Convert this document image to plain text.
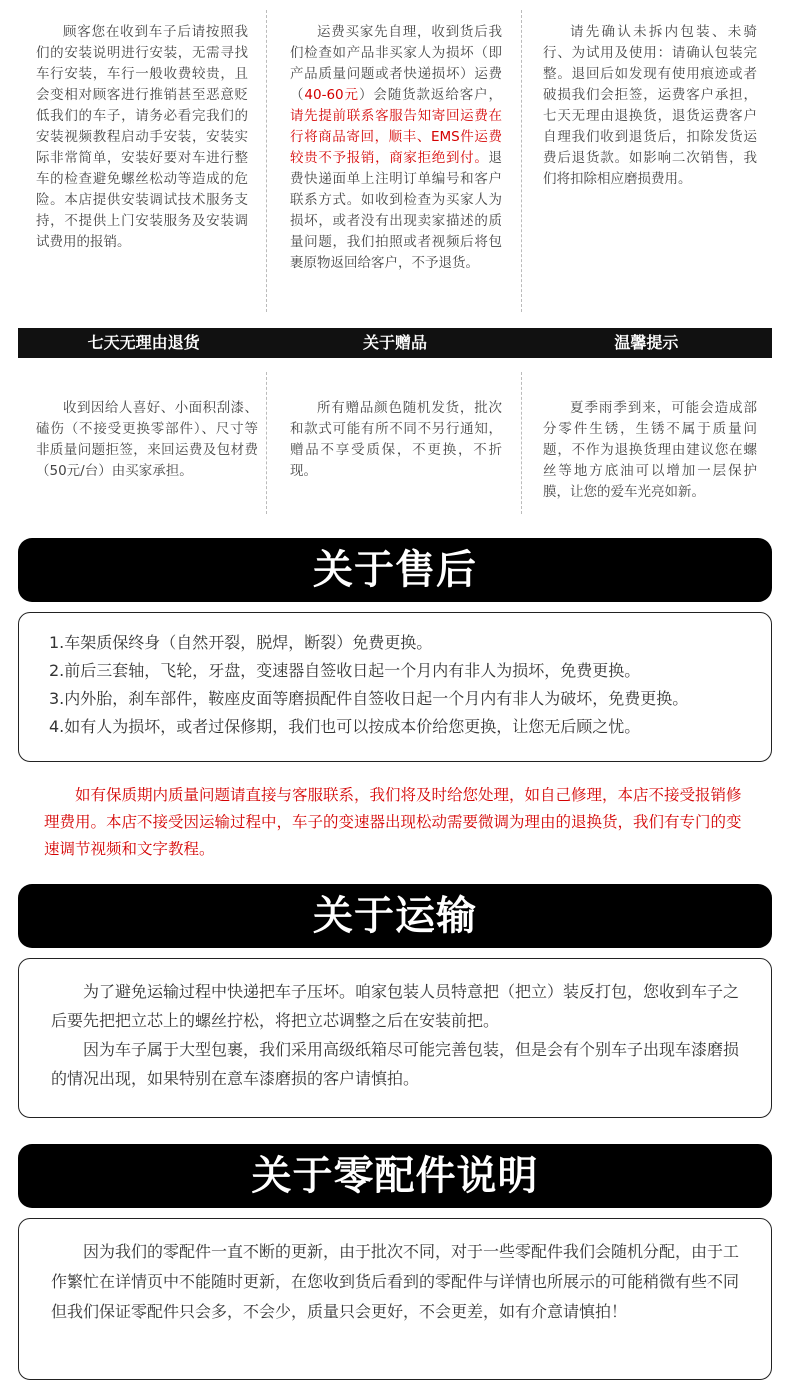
顾客您在收到车子后请按照我们的安装说明进行安装，无需寻找车行安装，车行一般收费较贵，且会变相对顾客进行推销甚至恶意贬低我们的车子，请务必看完我们的安装视频教程启动手安装，安装实际非常简单，安装好要对车进行整车的检查避免螺丝松动等造成的危险。本店提供安装调试技术服务支持，不提供上门安装服务及安装调试费用的报销。
运费买家先自理，收到货后我们检查如产品非买家人为损坏（即产品质量问题或者快递损坏）运费（40-60元）会随货款返给客户，请先提前联系客服告知寄回运费在行将商品寄回，顺丰、EMS件运费较贵不予报销，商家拒绝到付。退费快递面单上注明订单编号和客户联系方式。如收到检查为买家人为损坏，或者没有出现卖家描述的质量问题，我们拍照或者视频后将包裹原物返回给客户，不予退货。
请先确认未拆内包装、未骑行、为试用及使用：请确认包装完整。退回后如发现有使用痕迹或者破损我们会拒签，运费客户承担，七天无理由退换货，退货运费客户自理我们收到退货后，扣除发货运费后退货款。如影响二次销售，我们将扣除相应磨损费用。
七天无理由退货	关于赠品	温馨提示
收到因给人喜好、小面积刮漆、磕伤（不接受更换零部件）、尺寸等非质量问题拒签，来回运费及包材费（50元/台）由买家承担。
所有赠品颜色随机发货，批次和款式可能有所不同不另行通知，赠品不享受质保，不更换，不折现。
夏季雨季到来，可能会造成部分零件生锈，生锈不属于质量问题，不作为退换货理由建议您在螺丝等地方底油可以增加一层保护膜，让您的爱车光亮如新。
关于售后

1.车架质保终身（自然开裂，脱焊，断裂）免费更换。

2.前后三套轴，飞轮，牙盘，变速器自签收日起一个月内有非人为损坏，免费更换。

3.内外胎，刹车部件，鞍座皮面等磨损配件自签收日起一个月内有非人为破坏，免费更换。

4.如有人为损坏，或者过保修期，我们也可以按成本价给您更换，让您无后顾之忧。

如有保质期内质量问题请直接与客服联系，我们将及时给您处理，如自己修理，本店不接受报销修理费用。本店不接受因运输过程中，车子的变速器出现松动需要微调为理由的退换货，我们有专门的变速调节视频和文字教程。
关于运输

为了避免运输过程中快递把车子压坏。咱家包装人员特意把（把立）装反打包，您收到车子之后要先把把立芯上的螺丝拧松，将把立芯调整之后在安装前把。

因为车子属于大型包裹，我们采用高级纸箱尽可能完善包装，但是会有个别车子出现车漆磨损的情况出现，如果特别在意车漆磨损的客户请慎拍。

关于零配件说明

因为我们的零配件一直不断的更新，由于批次不同，对于一些零配件我们会随机分配，由于工作繁忙在详情页中不能随时更新，在您收到货后看到的零配件与详情也所展示的可能稍微有些不同但我们保证零配件只会多，不会少，质量只会更好，不会更差，如有介意请慎拍！
